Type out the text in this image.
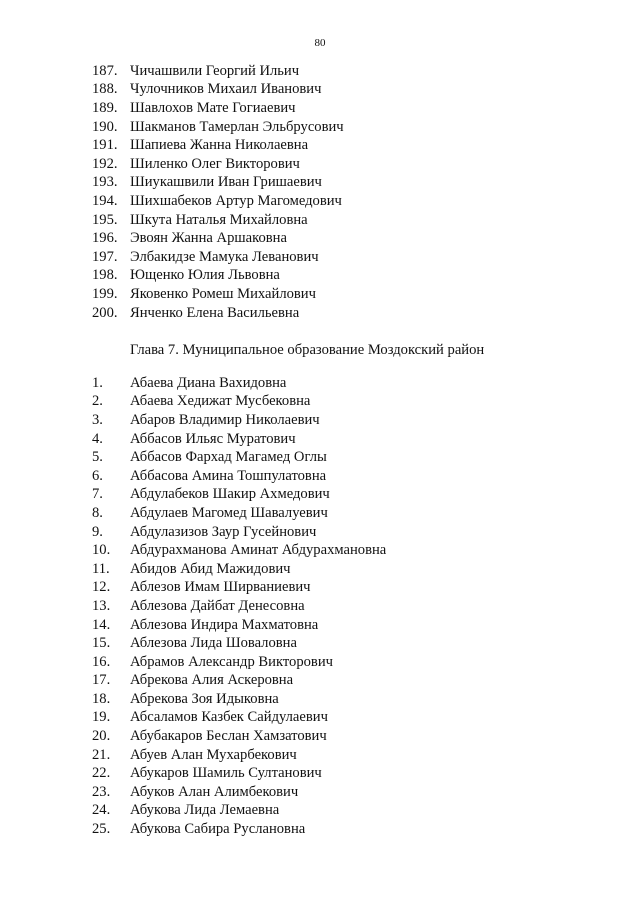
80
187. Чичашвили Георгий Ильич
188. Чулочников Михаил Иванович
189. Шавлохов Мате Гогиаевич
190. Шакманов Тамерлан Эльбрусович
191. Шапиева Жанна Николаевна
192. Шиленко Олег Викторович
193. Шиукашвили Иван Гришаевич
194. Шихшабеков Артур Магомедович
195. Шкута Наталья Михайловна
196. Эвоян Жанна Аршаковна
197. Элбакидзе Мамука Леванович
198. Ющенко Юлия Львовна
199. Яковенко Ромеш Михайлович
200. Янченко Елена Васильевна
Глава 7. Муниципальное образование Моздокский район
1.	Абаева Диана Вахидовна
2.	Абаева Хедижат Мусбековна
3.	Абаров Владимир Николаевич
4.	Аббасов Ильяс Муратович
5.	Аббасов Фархад Магамед Оглы
6.	Аббасова Амина Тошпулатовна
7.	Абдулабеков Шакир Ахмедович
8.	Абдулаев Магомед Шавалуевич
9.	Абдулазизов Заур Гусейнович
10.	Абдурахманова Аминат Абдурахмановна
11.	Абидов Абид Мажидович
12.	Аблезов Имам Ширваниевич
13.	Аблезова Дайбат Денесовна
14.	Аблезова Индира Махматовна
15.	Аблезова Лида Шоваловна
16.	Абрамов Александр Викторович
17.	Абрекова Алия Аскеровна
18.	Абрекова Зоя Идыковна
19.	Абсаламов Казбек Сайдулаевич
20.	Абубакаров Беслан Хамзатович
21.	Абуев Алан Мухарбекович
22.	Абукаров Шамиль Султанович
23.	Абуков Алан Алимбекович
24.	Абукова Лида Лемаевна
25.	Абукова Сабира Руслановна
